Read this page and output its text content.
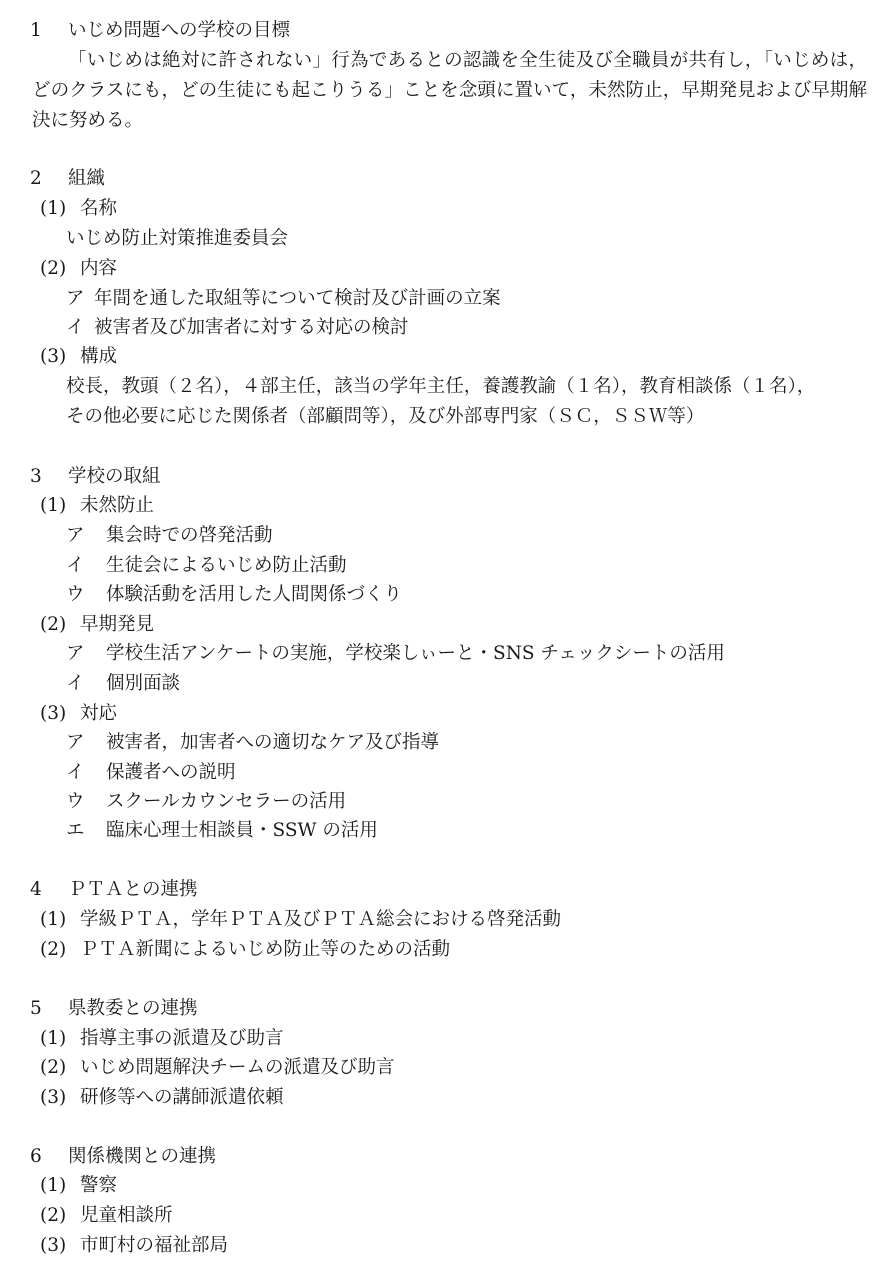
1 いじめ問題への学校の目標
「いじめは絶対に許されない」行為であるとの認識を全生徒及び全職員が共有し，「いじめは，どのクラスにも，どの生徒にも起こりうる」ことを念頭に置いて，未然防止，早期発見および早期解決に努める。
2 組織
(1) 名称
いじめ防止対策推進委員会
(2) 内容
ア 年間を通した取組等について検討及び計画の立案
イ 被害者及び加害者に対する対応の検討
(3) 構成
校長，教頭（２名），４部主任，該当の学年主任，養護教諭（１名），教育相談係（１名），
その他必要に応じた関係者（部顧問等），及び外部専門家（ＳＣ，ＳＳＷ等）
3 学校の取組
(1) 未然防止
ア 集会時での啓発活動
イ 生徒会によるいじめ防止活動
ウ 体験活動を活用した人間関係づくり
(2) 早期発見
ア 学校生活アンケートの実施，学校楽しぃーと・SNS チェックシートの活用
イ 個別面談
(3) 対応
ア 被害者，加害者への適切なケア及び指導
イ 保護者への説明
ウ スクールカウンセラーの活用
エ 臨床心理士相談員・SSW の活用
4 ＰＴＡとの連携
(1) 学級ＰＴＡ，学年ＰＴＡ及びＰＴＡ総会における啓発活動
(2) ＰＴＡ新聞によるいじめ防止等のための活動
5 県教委との連携
(1) 指導主事の派遣及び助言
(2) いじめ問題解決チームの派遣及び助言
(3) 研修等への講師派遣依頼
6 関係機関との連携
(1) 警察
(2) 児童相談所
(3) 市町村の福祉部局
